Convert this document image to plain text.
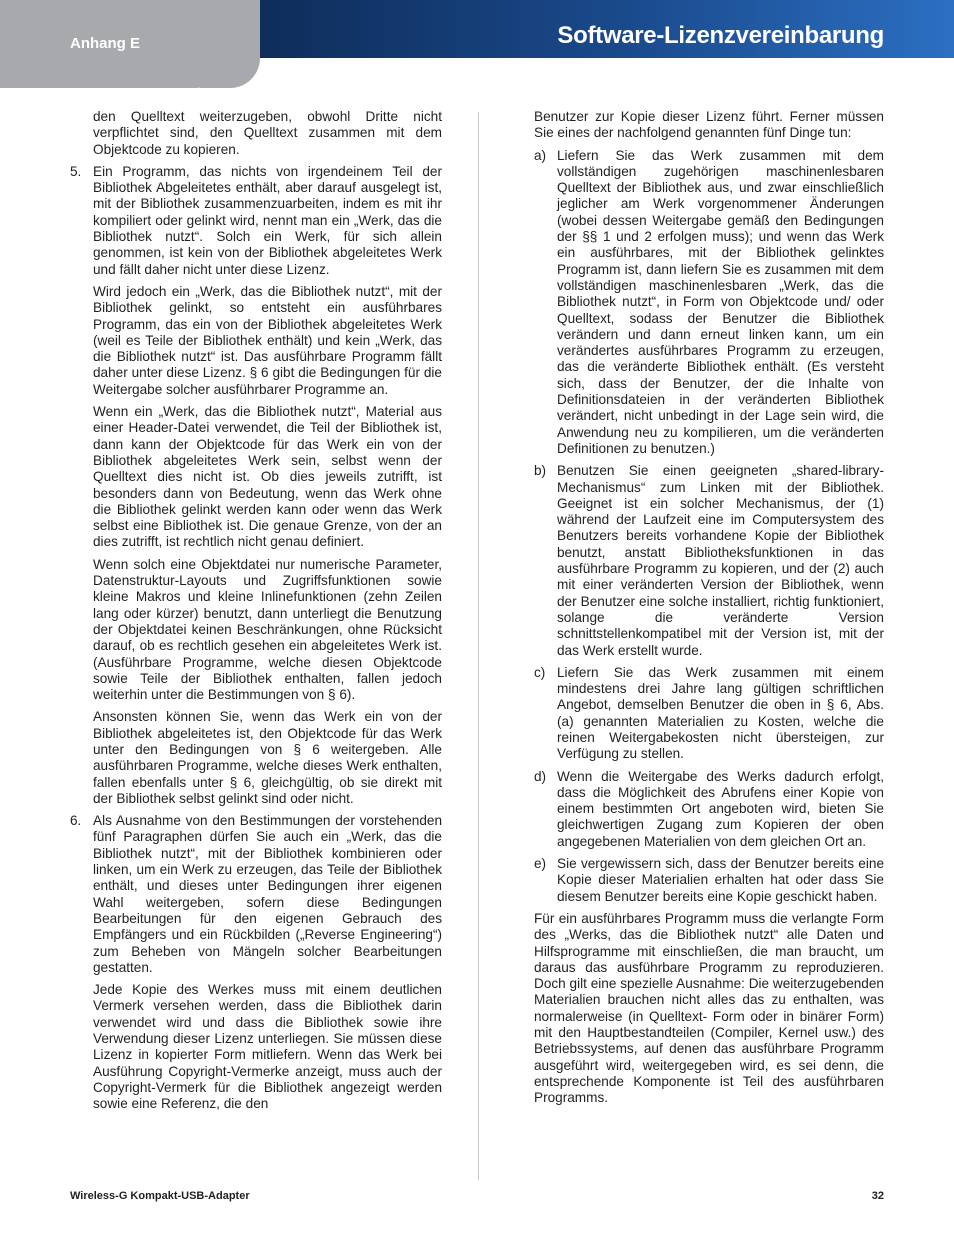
Anhang E	Software-Lizenzvereinbarung

den Quelltext weiterzugeben, obwohl Dritte nicht verpflichtet sind, den Quelltext zusammen mit dem Objektcode zu kopieren.

5. Ein Programm, das nichts von irgendeinem Teil der Bibliothek Abgeleitetes enthält, aber darauf ausgelegt ist, mit der Bibliothek zusammenzuarbeiten, indem es mit ihr kompiliert oder gelinkt wird, nennt man ein „Werk, das die Bibliothek nutzt“. Solch ein Werk, für sich allein genommen, ist kein von der Bibliothek abgeleitetes Werk und fällt daher nicht unter diese Lizenz.

Wird jedoch ein „Werk, das die Bibliothek nutzt“, mit der Bibliothek gelinkt, so entsteht ein ausführbares Programm, das ein von der Bibliothek abgeleitetes Werk (weil es Teile der Bibliothek enthält) und kein „Werk, das die Bibliothek nutzt“ ist. Das ausführbare Programm fällt daher unter diese Lizenz. § 6 gibt die Bedingungen für die Weitergabe solcher ausführbarer Programme an.

Wenn ein „Werk, das die Bibliothek nutzt“, Material aus einer Header-Datei verwendet, die Teil der Bibliothek ist, dann kann der Objektcode für das Werk ein von der Bibliothek abgeleitetes Werk sein, selbst wenn der Quelltext dies nicht ist. Ob dies jeweils zutrifft, ist besonders dann von Bedeutung, wenn das Werk ohne die Bibliothek gelinkt werden kann oder wenn das Werk selbst eine Bibliothek ist. Die genaue Grenze, von der an dies zutrifft, ist rechtlich nicht genau definiert.

Wenn solch eine Objektdatei nur numerische Parameter, Datenstruktur-Layouts und Zugriffsfunktionen sowie kleine Makros und kleine Inlinefunktionen (zehn Zeilen lang oder kürzer) benutzt, dann unterliegt die Benutzung der Objektdatei keinen Beschränkungen, ohne Rücksicht darauf, ob es rechtlich gesehen ein abgeleitetes Werk ist. (Ausführbare Programme, welche diesen Objektcode sowie Teile der Bibliothek enthalten, fallen jedoch weiterhin unter die Bestimmungen von § 6).

Ansonsten können Sie, wenn das Werk ein von der Bibliothek abgeleitetes ist, den Objektcode für das Werk unter den Bedingungen von § 6 weitergeben. Alle ausführbaren Programme, welche dieses Werk enthalten, fallen ebenfalls unter § 6, gleichgültig, ob sie direkt mit der Bibliothek selbst gelinkt sind oder nicht.

6. Als Ausnahme von den Bestimmungen der vorstehenden fünf Paragraphen dürfen Sie auch ein „Werk, das die Bibliothek nutzt“, mit der Bibliothek kombinieren oder linken, um ein Werk zu erzeugen, das Teile der Bibliothek enthält, und dieses unter Bedingungen ihrer eigenen Wahl weitergeben, sofern diese Bedingungen Bearbeitungen für den eigenen Gebrauch des Empfängers und ein Rückbilden („Reverse Engineering“) zum Beheben von Mängeln solcher Bearbeitungen gestatten.

Jede Kopie des Werkes muss mit einem deutlichen Vermerk versehen werden, dass die Bibliothek darin verwendet wird und dass die Bibliothek sowie ihre Verwendung dieser Lizenz unterliegen. Sie müssen diese Lizenz in kopierter Form mitliefern. Wenn das Werk bei Ausführung Copyright-Vermerke anzeigt, muss auch der Copyright-Vermerk für die Bibliothek angezeigt werden sowie eine Referenz, die den

Benutzer zur Kopie dieser Lizenz führt. Ferner müssen Sie eines der nachfolgend genannten fünf Dinge tun:

a) Liefern Sie das Werk zusammen mit dem vollständigen zugehörigen maschinenlesbaren Quelltext der Bibliothek aus, und zwar einschließlich jeglicher am Werk vorgenommener Änderungen (wobei dessen Weitergabe gemäß den Bedingungen der §§ 1 und 2 erfolgen muss); und wenn das Werk ein ausführbares, mit der Bibliothek gelinktes Programm ist, dann liefern Sie es zusammen mit dem vollständigen maschinenlesbaren „Werk, das die Bibliothek nutzt“, in Form von Objektcode und/ oder Quelltext, sodass der Benutzer die Bibliothek verändern und dann erneut linken kann, um ein verändertes ausführbares Programm zu erzeugen, das die veränderte Bibliothek enthält. (Es versteht sich, dass der Benutzer, der die Inhalte von Definitionsdateien in der veränderten Bibliothek verändert, nicht unbedingt in der Lage sein wird, die Anwendung neu zu kompilieren, um die veränderten Definitionen zu benutzen.)
b) Benutzen Sie einen geeigneten „shared-library-Mechanismus“ zum Linken mit der Bibliothek. Geeignet ist ein solcher Mechanismus, der (1) während der Laufzeit eine im Computersystem des Benutzers bereits vorhandene Kopie der Bibliothek benutzt, anstatt Bibliotheksfunktionen in das ausführbare Programm zu kopieren, und der (2) auch mit einer veränderten Version der Bibliothek, wenn der Benutzer eine solche installiert, richtig funktioniert, solange die veränderte Version schnittstellenkompatibel mit der Version ist, mit der das Werk erstellt wurde.
c) Liefern Sie das Werk zusammen mit einem mindestens drei Jahre lang gültigen schriftlichen Angebot, demselben Benutzer die oben in § 6, Abs. (a) genannten Materialien zu Kosten, welche die reinen Weitergabekosten nicht übersteigen, zur Verfügung zu stellen.
d) Wenn die Weitergabe des Werks dadurch erfolgt, dass die Möglichkeit des Abrufens einer Kopie von einem bestimmten Ort angeboten wird, bieten Sie gleichwertigen Zugang zum Kopieren der oben angegebenen Materialien von dem gleichen Ort an.
e) Sie vergewissern sich, dass der Benutzer bereits eine Kopie dieser Materialien erhalten hat oder dass Sie diesem Benutzer bereits eine Kopie geschickt haben.

Für ein ausführbares Programm muss die verlangte Form des „Werks, das die Bibliothek nutzt“ alle Daten und Hilfsprogramme mit einschließen, die man braucht, um daraus das ausführbare Programm zu reproduzieren. Doch gilt eine spezielle Ausnahme: Die weiterzugebenden Materialien brauchen nicht alles das zu enthalten, was normalerweise (in Quelltext- Form oder in binärer Form) mit den Hauptbestandteilen (Compiler, Kernel usw.) des Betriebssystems, auf denen das ausführbare Programm ausgeführt wird, weitergegeben wird, es sei denn, die entsprechende Komponente ist Teil des ausführbaren Programms.

Wireless-G Kompakt-USB-Adapter	32
